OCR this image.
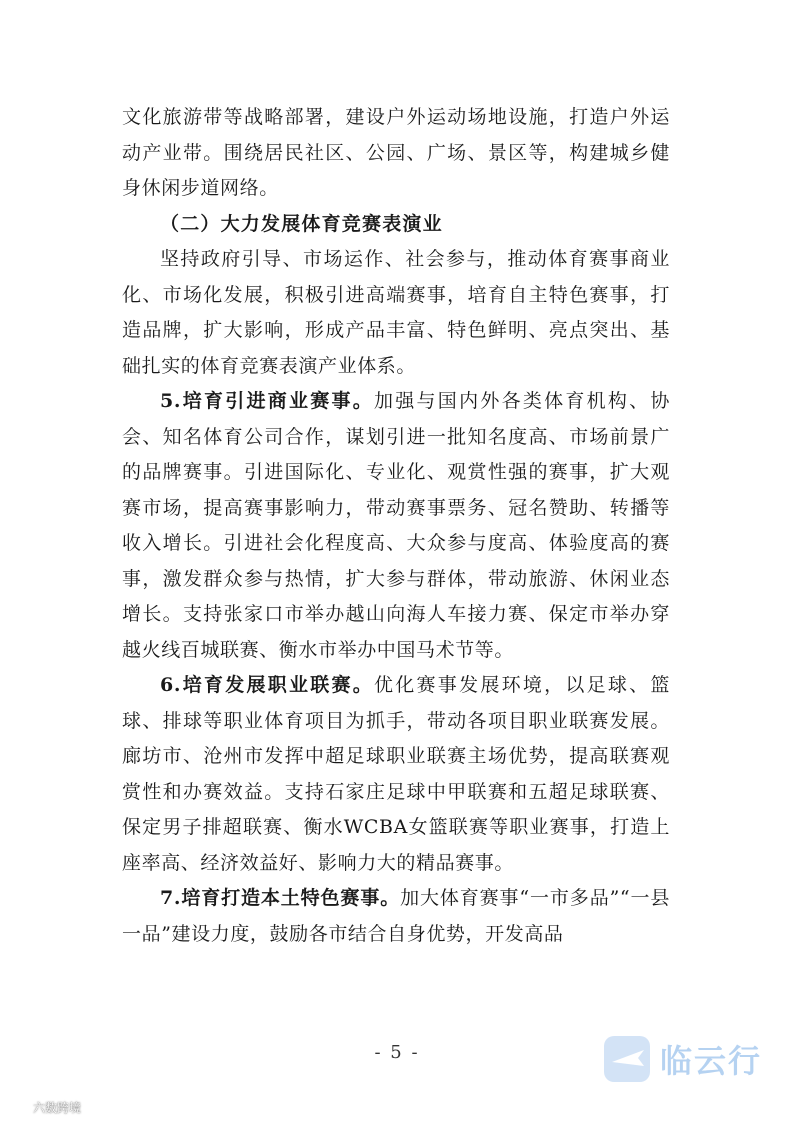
文化旅游带等战略部署，建设户外运动场地设施，打造户外运动产业带。围绕居民社区、公园、广场、景区等，构建城乡健身休闲步道网络。

（二）大力发展体育竞赛表演业

坚持政府引导、市场运作、社会参与，推动体育赛事商业化、市场化发展，积极引进高端赛事，培育自主特色赛事，打造品牌，扩大影响，形成产品丰富、特色鲜明、亮点突出、基础扎实的体育竞赛表演产业体系。

5.培育引进商业赛事。加强与国内外各类体育机构、协会、知名体育公司合作，谋划引进一批知名度高、市场前景广的品牌赛事。引进国际化、专业化、观赏性强的赛事，扩大观赛市场，提高赛事影响力，带动赛事票务、冠名赞助、转播等收入增长。引进社会化程度高、大众参与度高、体验度高的赛事，激发群众参与热情，扩大参与群体，带动旅游、休闲业态增长。支持张家口市举办越山向海人车接力赛、保定市举办穿越火线百城联赛、衡水市举办中国马术节等。

6.培育发展职业联赛。优化赛事发展环境，以足球、篮球、排球等职业体育项目为抓手，带动各项目职业联赛发展。廊坊市、沧州市发挥中超足球职业联赛主场优势，提高联赛观赏性和办赛效益。支持石家庄足球中甲联赛和五超足球联赛、保定男子排超联赛、衡水WCBA女篮联赛等职业赛事，打造上座率高、经济效益好、影响力大的精品赛事。

7.培育打造本土特色赛事。加大体育赛事“一市多品”“一县一品”建设力度，鼓励各市结合自身优势，开发高品

- 5 -	临云行
六数跨境
